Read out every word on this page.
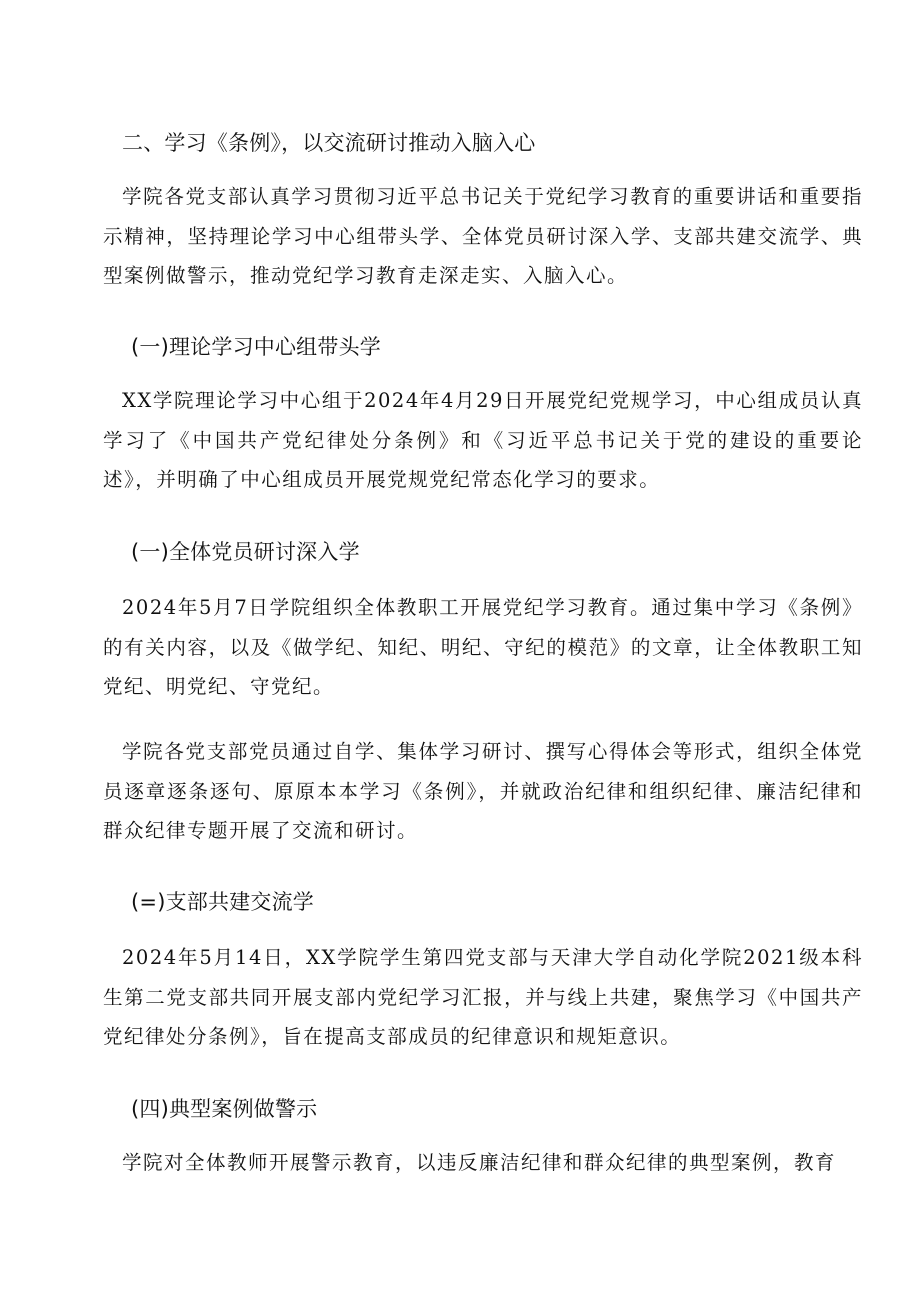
二、学习《条例》，以交流研讨推动入脑入心
学院各党支部认真学习贯彻习近平总书记关于党纪学习教育的重要讲话和重要指示精神，坚持理论学习中心组带头学、全体党员研讨深入学、支部共建交流学、典型案例做警示，推动党纪学习教育走深走实、入脑入心。
(一)理论学习中心组带头学
XX学院理论学习中心组于2024年4月29日开展党纪党规学习，中心组成员认真学习了《中国共产党纪律处分条例》和《习近平总书记关于党的建设的重要论述》，并明确了中心组成员开展党规党纪常态化学习的要求。
(一)全体党员研讨深入学
2024年5月7日学院组织全体教职工开展党纪学习教育。通过集中学习《条例》的有关内容，以及《做学纪、知纪、明纪、守纪的模范》的文章，让全体教职工知党纪、明党纪、守党纪。
学院各党支部党员通过自学、集体学习研讨、撰写心得体会等形式，组织全体党员逐章逐条逐句、原原本本学习《条例》，并就政治纪律和组织纪律、廉洁纪律和群众纪律专题开展了交流和研讨。
(=)支部共建交流学
2024年5月14日，XX学院学生第四党支部与天津大学自动化学院2021级本科生第二党支部共同开展支部内党纪学习汇报，并与线上共建，聚焦学习《中国共产党纪律处分条例》，旨在提高支部成员的纪律意识和规矩意识。
(四)典型案例做警示
学院对全体教师开展警示教育，以违反廉洁纪律和群众纪律的典型案例，教育
